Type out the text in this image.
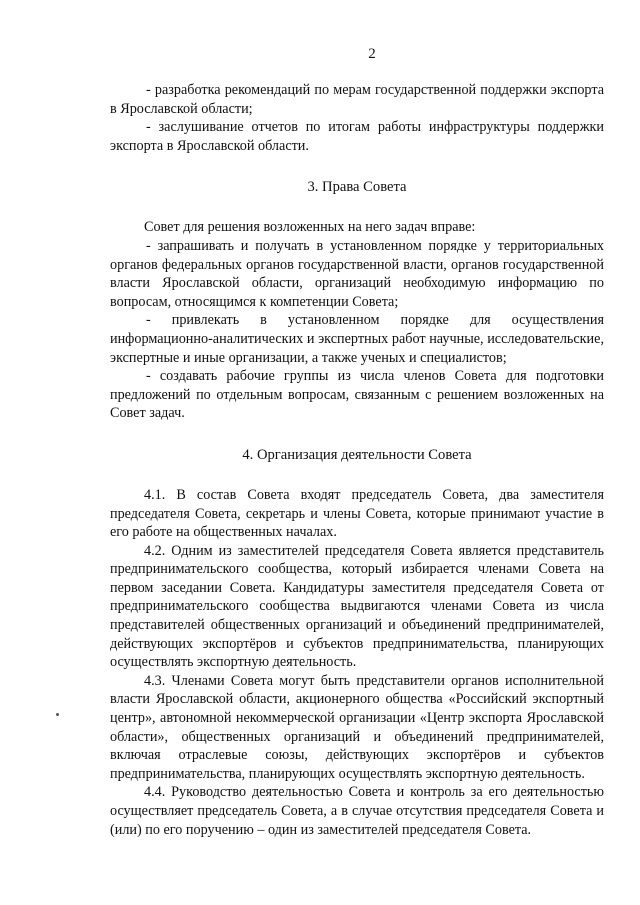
2

- разработка рекомендаций по мерам государственной поддержки экспорта в Ярославской области;

- заслушивание отчетов по итогам работы инфраструктуры поддержки экспорта в Ярославской области.

3. Права Совета

Совет для решения возложенных на него задач вправе:

- запрашивать и получать в установленном порядке у территориальных органов федеральных органов государственной власти, органов государственной власти Ярославской области, организаций необходимую информацию по вопросам, относящимся к компетенции Совета;

- привлекать в установленном порядке для осуществления информационно-аналитических и экспертных работ научные, исследовательские, экспертные и иные организации, а также ученых и специалистов;

- создавать рабочие группы из числа членов Совета для подготовки предложений по отдельным вопросам, связанным с решением возложенных на Совет задач.

4. Организация деятельности Совета

4.1. В состав Совета входят председатель Совета, два заместителя председателя Совета, секретарь и члены Совета, которые принимают участие в его работе на общественных началах.

4.2. Одним из заместителей председателя Совета является представитель предпринимательского сообщества, который избирается членами Совета на первом заседании Совета. Кандидатуры заместителя председателя Совета от предпринимательского сообщества выдвигаются членами Совета из числа представителей общественных организаций и объединений предпринимателей, действующих экспортёров и субъектов предпринимательства, планирующих осуществлять экспортную деятельность.

4.3. Членами Совета могут быть представители органов исполнительной власти Ярославской области, акционерного общества «Российский экспортный центр», автономной некоммерческой организации «Центр экспорта Ярославской области», общественных организаций и объединений предпринимателей, включая отраслевые союзы, действующих экспортёров и субъектов предпринимательства, планирующих осуществлять экспортную деятельность.

4.4. Руководство деятельностью Совета и контроль за его деятельностью осуществляет председатель Совета, а в случае отсутствия председателя Совета и (или) по его поручению – один из заместителей председателя Совета.
